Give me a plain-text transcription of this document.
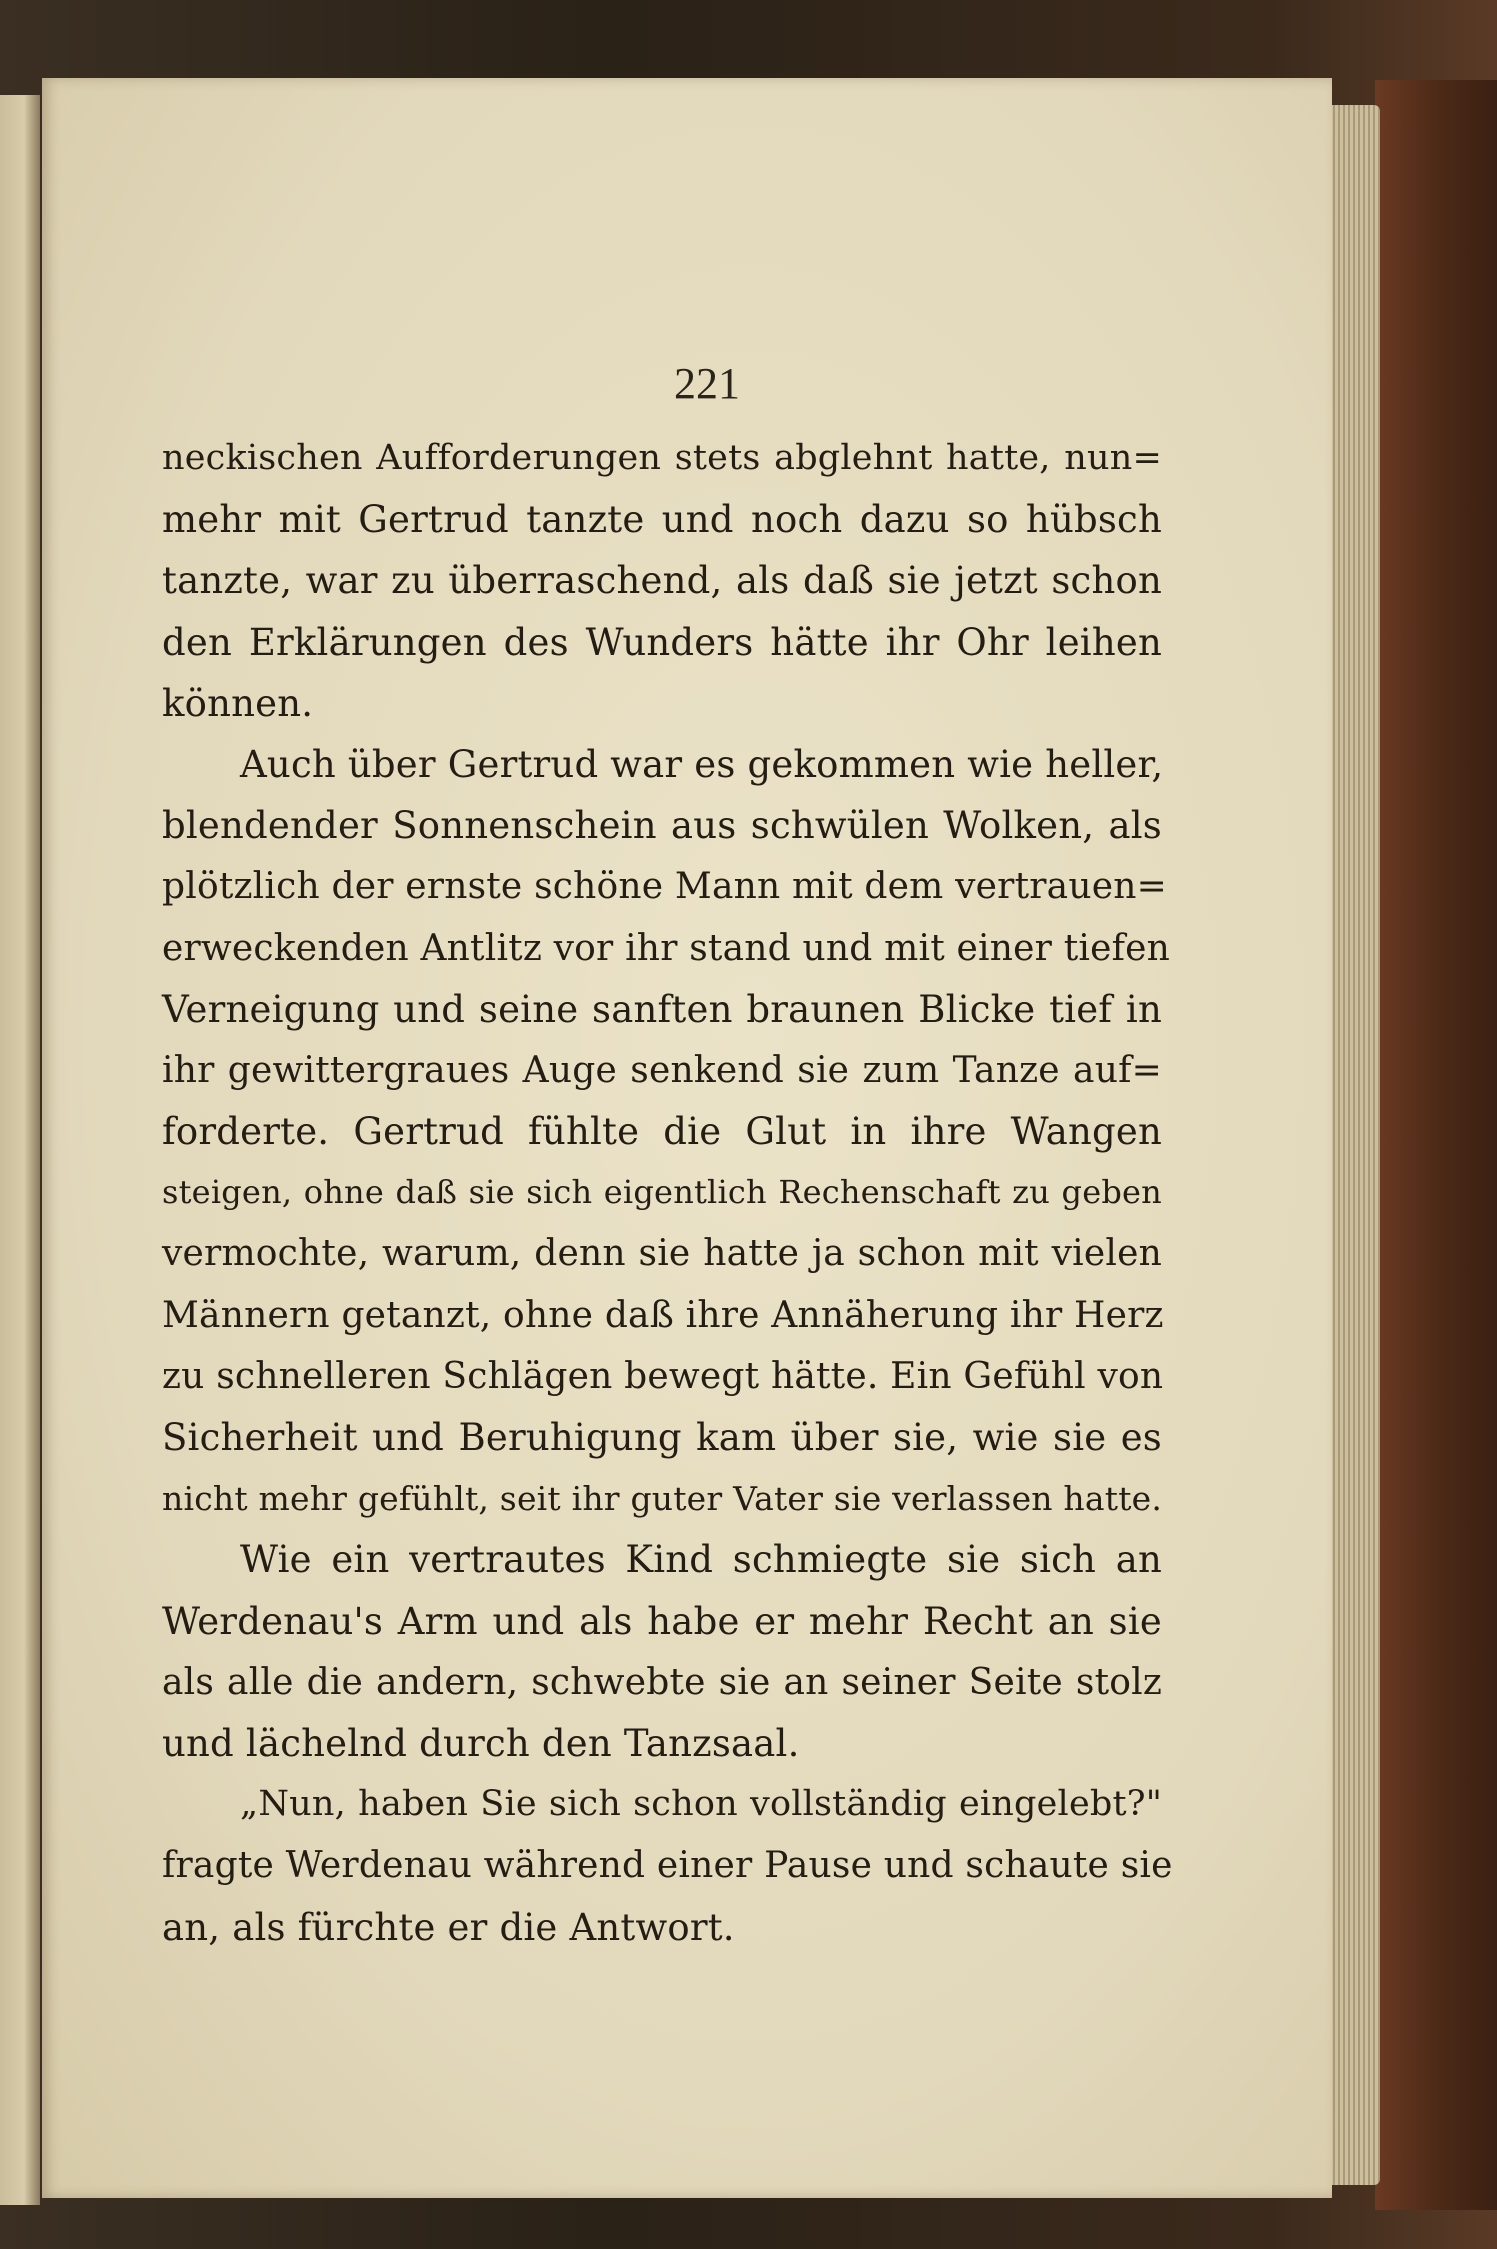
221
neckischen Aufforderungen stets abglehnt hatte, nun=
mehr mit Gertrud tanzte und noch dazu so hübsch
tanzte, war zu überraschend, als daß sie jetzt schon
den Erklärungen des Wunders hätte ihr Ohr leihen
können.
Auch über Gertrud war es gekommen wie heller,
blendender Sonnenschein aus schwülen Wolken, als
plötzlich der ernste schöne Mann mit dem vertrauen=
erweckenden Antlitz vor ihr stand und mit einer tiefen
Verneigung und seine sanften braunen Blicke tief in
ihr gewittergraues Auge senkend sie zum Tanze auf=
forderte. Gertrud fühlte die Glut in ihre Wangen
steigen, ohne daß sie sich eigentlich Rechenschaft zu geben
vermochte, warum, denn sie hatte ja schon mit vielen
Männern getanzt, ohne daß ihre Annäherung ihr Herz
zu schnelleren Schlägen bewegt hätte. Ein Gefühl von
Sicherheit und Beruhigung kam über sie, wie sie es
nicht mehr gefühlt, seit ihr guter Vater sie verlassen hatte.
Wie ein vertrautes Kind schmiegte sie sich an
Werdenau's Arm und als habe er mehr Recht an sie
als alle die andern, schwebte sie an seiner Seite stolz
und lächelnd durch den Tanzsaal.
„Nun, haben Sie sich schon vollständig eingelebt?"
fragte Werdenau während einer Pause und schaute sie
an, als fürchte er die Antwort.
